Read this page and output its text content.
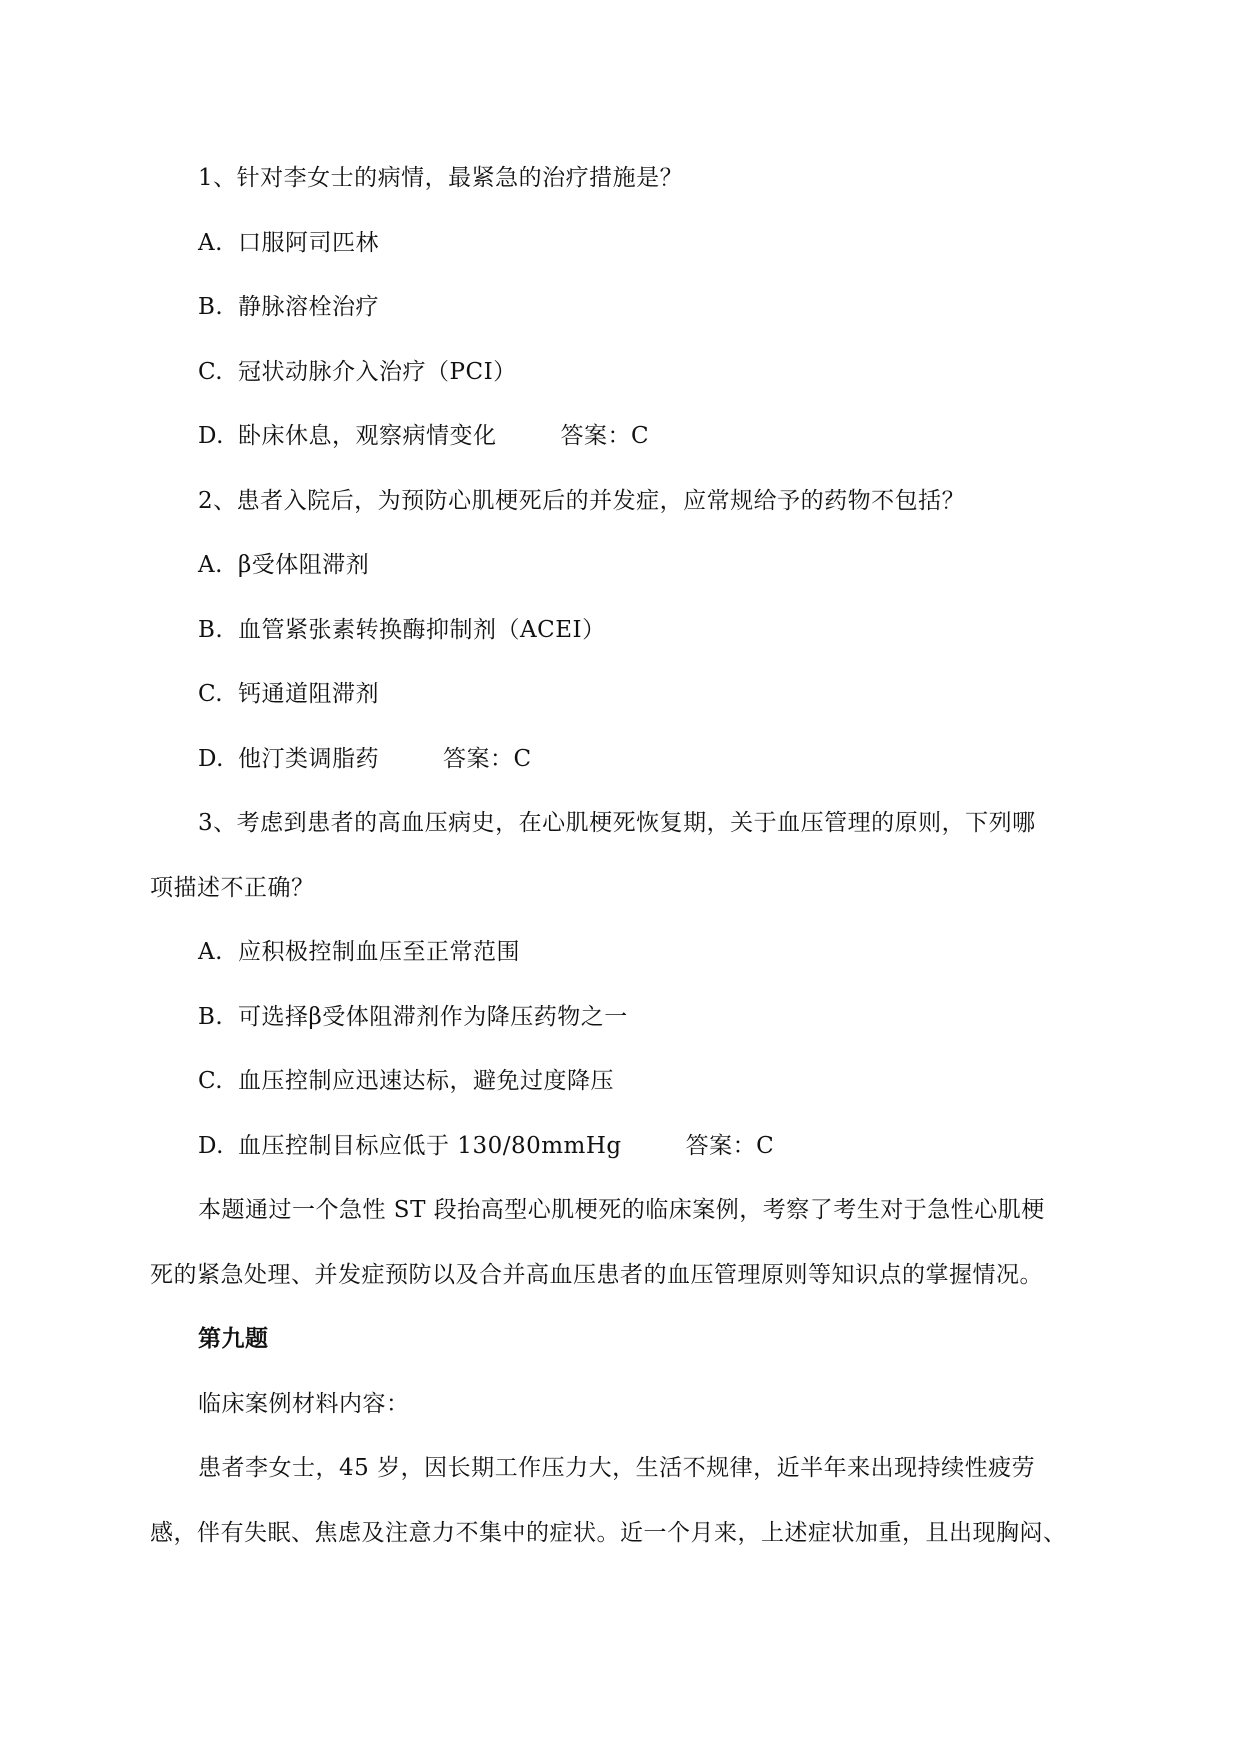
1、针对李女士的病情，最紧急的治疗措施是？
A. 口服阿司匹林
B. 静脉溶栓治疗
C. 冠状动脉介入治疗（PCI）
D. 卧床休息，观察病情变化	答案：C
2、患者入院后，为预防心肌梗死后的并发症，应常规给予的药物不包括？
A. β受体阻滞剂
B. 血管紧张素转换酶抑制剂（ACEI）
C. 钙通道阻滞剂
D. 他汀类调脂药	答案：C
3、考虑到患者的高血压病史，在心肌梗死恢复期，关于血压管理的原则，下列哪
项描述不正确？
A. 应积极控制血压至正常范围
B. 可选择β受体阻滞剂作为降压药物之一
C. 血压控制应迅速达标，避免过度降压
D. 血压控制目标应低于 130/80mmHg	答案：C
本题通过一个急性 ST 段抬高型心肌梗死的临床案例，考察了考生对于急性心肌梗
死的紧急处理、并发症预防以及合并高血压患者的血压管理原则等知识点的掌握情况。
第九题
临床案例材料内容：
患者李女士，45 岁，因长期工作压力大，生活不规律，近半年来出现持续性疲劳
感，伴有失眠、焦虑及注意力不集中的症状。近一个月来，上述症状加重，且出现胸闷、
